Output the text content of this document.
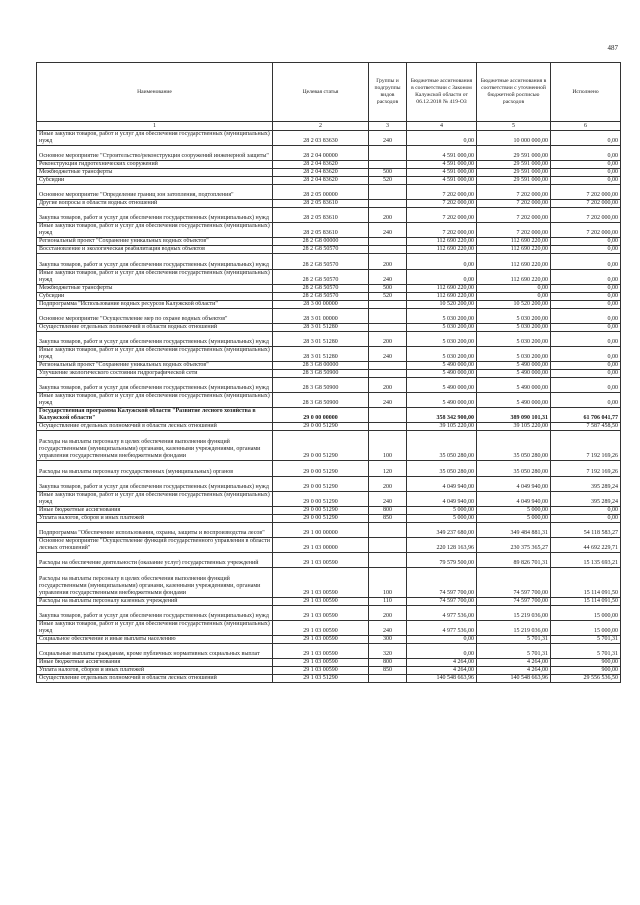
487
Наименование	Целевая статья	Группы и подгруппы видов расходов	Бюджетные ассигнования в соответствии с Законом Калужской области от 06.12.2018 № 419-ОЗ	Бюджетные ассигнования в соответствии с уточненной бюджетной росписью расходов	Исполнено
1	2	3	4	5	6
Иные закупки товаров, работ и услуг для обеспечения государственных (муниципальных) нужд	28 2 03 83630	240	0,00	10 000 000,00	0,00
Основное мероприятие "Строительство/реконструкция сооружений инженерной защиты"	28 2 04 00000		4 591 000,00	29 591 000,00	0,00
Реконструкция гидротехнических сооружений	28 2 04 83620		4 591 000,00	29 591 000,00	0,00
Межбюджетные трансферты	28 2 04 83620	500	4 591 000,00	29 591 000,00	0,00
Субсидии	28 2 04 83620	520	4 591 000,00	29 591 000,00	0,00
Основное мероприятие "Определение границ зон затопления, подтопления"	28 2 05 00000		7 202 000,00	7 202 000,00	7 202 000,00
Другие вопросы в области водных отношений	28 2 05 83610		7 202 000,00	7 202 000,00	7 202 000,00
Закупка товаров, работ и услуг для обеспечения государственных (муниципальных) нужд	28 2 05 83610	200	7 202 000,00	7 202 000,00	7 202 000,00
Иные закупки товаров, работ и услуг для обеспечения государственных (муниципальных) нужд	28 2 05 83610	240	7 202 000,00	7 202 000,00	7 202 000,00
Региональный проект "Сохранение уникальных водных объектов"	28 2 G8 00000		112 690 220,00	112 690 220,00	0,00
Восстановление и экологическая реабилитация водных объектов	28 2 G8 50570		112 690 220,00	112 690 220,00	0,00
Закупка товаров, работ и услуг для обеспечения государственных (муниципальных) нужд	28 2 G8 50570	200	0,00	112 690 220,00	0,00
Иные закупки товаров, работ и услуг для обеспечения государственных (муниципальных) нужд	28 2 G8 50570	240	0,00	112 690 220,00	0,00
Межбюджетные трансферты	28 2 G8 50570	500	112 690 220,00	0,00	0,00
Субсидии	28 2 G8 50570	520	112 690 220,00	0,00	0,00
Подпрограмма "Использование водных ресурсов Калужской области"	28 3 00 00000		10 520 200,00	10 520 200,00	0,00
Основное мероприятие "Осуществление мер по охране водных объектов"	28 3 01 00000		5 030 200,00	5 030 200,00	0,00
Осуществление отдельных полномочий в области водных отношений	28 3 01 51280		5 030 200,00	5 030 200,00	0,00
Закупка товаров, работ и услуг для обеспечения государственных (муниципальных) нужд	28 3 01 51280	200	5 030 200,00	5 030 200,00	0,00
Иные закупки товаров, работ и услуг для обеспечения государственных (муниципальных) нужд	28 3 01 51280	240	5 030 200,00	5 030 200,00	0,00
Региональный проект "Сохранение уникальных водных объектов"	28 3 G8 00000		5 490 000,00	5 490 000,00	0,00
Улучшение экологического состояния гидрографической сети	28 3 G8 50900		5 490 000,00	5 490 000,00	0,00
Закупка товаров, работ и услуг для обеспечения государственных (муниципальных) нужд	28 3 G8 50900	200	5 490 000,00	5 490 000,00	0,00
Иные закупки товаров, работ и услуг для обеспечения государственных (муниципальных) нужд	28 3 G8 50900	240	5 490 000,00	5 490 000,00	0,00
Государственная программа Калужской области "Развитие лесного хозяйства в Калужской области"	29 0 00 00000		358 342 900,00	389 090 101,31	61 706 041,77
Осуществление отдельных полномочий в области лесных отношений	29 0 00 51290		39 105 220,00	39 105 220,00	7 587 458,50
Расходы на выплаты персоналу в целях обеспечения выполнения функций государственными (муниципальными) органами, казенными учреждениями, органами управления государственными внебюджетными фондами	29 0 00 51290	100	35 050 280,00	35 050 280,00	7 192 169,26
Расходы на выплаты персоналу государственных (муниципальных) органов	29 0 00 51290	120	35 050 280,00	35 050 280,00	7 192 169,26
Закупка товаров, работ и услуг для обеспечения государственных (муниципальных) нужд	29 0 00 51290	200	4 049 940,00	4 049 940,00	395 289,24
Иные закупки товаров, работ и услуг для обеспечения государственных (муниципальных) нужд	29 0 00 51290	240	4 049 940,00	4 049 940,00	395 289,24
Иные бюджетные ассигнования	29 0 00 51290	800	5 000,00	5 000,00	0,00
Уплата налогов, сборов и иных платежей	29 0 00 51290	850	5 000,00	5 000,00	0,00
Подпрограмма "Обеспечение использования, охраны, защиты и воспроизводства лесов"	29 1 00 00000		349 237 680,00	349 484 881,31	54 118 583,27
Основное мероприятие "Осуществление функций государственного управления в области лесных отношений"	29 1 03 00000		220 128 163,96	230 375 365,27	44 692 229,71
Расходы на обеспечение деятельности (оказание услуг) государственных учреждений	29 1 03 00590		79 579 500,00	89 826 701,31	15 135 693,21
Расходы на выплаты персоналу в целях обеспечения выполнения функций государственными (муниципальными) органами, казенными учреждениями, органами управления государственными внебюджетными фондами	29 1 03 00590	100	74 597 700,00	74 597 700,00	15 114 091,50
Расходы на выплаты персоналу казенных учреждений	29 1 03 00590	110	74 597 700,00	74 597 700,00	15 114 091,50
Закупка товаров, работ и услуг для обеспечения государственных (муниципальных) нужд	29 1 03 00590	200	4 977 536,00	15 219 036,00	15 000,00
Иные закупки товаров, работ и услуг для обеспечения государственных (муниципальных) нужд	29 1 03 00590	240	4 977 536,00	15 219 036,00	15 000,00
Социальное обеспечение и иные выплаты населению	29 1 03 00590	300	0,00	5 701,31	5 701,31
Социальные выплаты гражданам, кроме публичных нормативных социальных выплат	29 1 03 00590	320	0,00	5 701,31	5 701,31
Иные бюджетные ассигнования	29 1 03 00590	800	4 264,00	4 264,00	900,00
Уплата налогов, сборов и иных платежей	29 1 03 00590	850	4 264,00	4 264,00	900,00
Осуществление отдельных полномочий в области лесных отношений	29 1 03 51290		140 548 663,96	140 548 663,96	29 556 536,50
